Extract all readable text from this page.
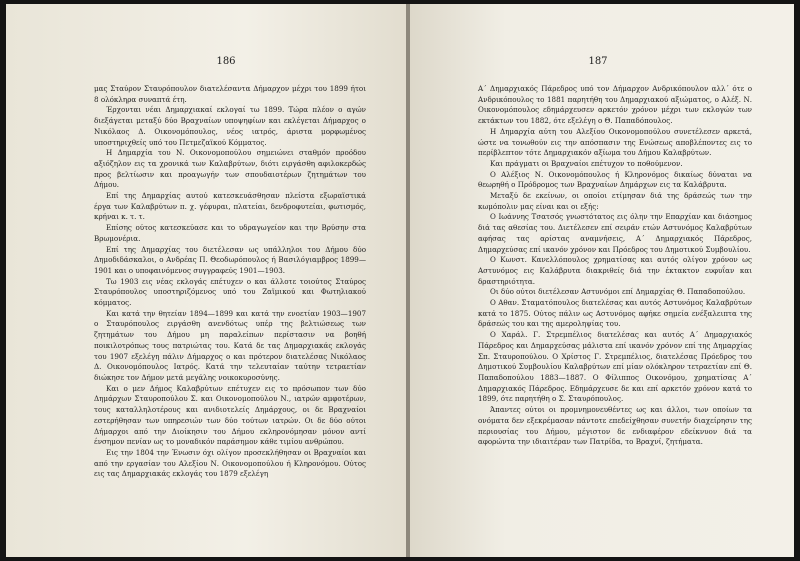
186

μας Σταύρον Σταυρόπουλον διατελέσαντα Δήμαρχον μέχρι του 1899 ήτοι 8 ολόκληρα συναπτά έτη.

Έρχονται νέαι Δημαρχιακαί εκλογαί τω 1899. Τώρα πλέον ο αγών διεξάγεται μεταξύ δύο Βραχναίων υποψηφίων και εκλέγεται Δήμαρχος ο Νικόλαος Δ. Οικονομόπουλος, νέος ιατρός, άριστα μορφωμένος υποστηριχθείς υπό του Πετμεζαϊκού Κόμματος.

Η Δημαρχία του Ν. Οικονομοπούλου σημειώνει σταθμόν προόδου αξιόζηλον εις τα χρονικά των Καλαβρύτων, διότι ειργάσθη αφιλοκερδώς προς βελτίωσιν και προαγωγήν των σπουδαιοτέρων ζητημάτων του Δήμου.

Επί της Δημαρχίας αυτού κατεσκευάσθησαν πλείστα εξωραϊστικά έργα των Καλαβρύτων π. χ. γέφυραι, πλατείαι, δενδροφυτείαι, φωτισμός, κρήναι κ. τ. τ.

Επίσης ούτος κατεσκεύασε και το υδραγωγείον και την Βρύσην στα Βρωμονέρια.

Επί της Δημαρχίας του διετέλεσαν ως υπάλληλοι του Δήμου δύο Δημοδιδάσκαλοι, ο Ανδρέας Π. Θεοδωρόπουλος ή Βασιλόγιαμβρος 1899—1901 και ο υποφαινόμενος συγγραφεύς 1901—1903.

Τω 1903 εις νέας εκλογάς επέτυχεν ο και άλλοτε τοιούτος Σταύρος Σταυρόπουλος υποστηριζόμενος υπό του Ζαϊμικού και Φωτηλιακού κόμματος.

Και κατά την θητείαν 1894—1899 και κατά την ενοετίαν 1903—1907 ο Σταυρόπουλος ειργάσθη ανενδότως υπέρ της βελτιώσεως των ζητημάτων του Δήμου μη παραλείπων περίστασιν να βοηθή ποικιλοτρόπως τους πατριώτας του. Κατά δε τας Δημαρχιακάς εκλογάς του 1907 εξελέγη πάλιν Δήμαρχος ο και πρότερον διατελέσας Νικόλαος Δ. Οικονομόπουλος Ιατρός. Κατά την τελευταίαν ταύτην τετραετίαν διώκησε τον Δήμον μετά μεγάλης νοικοκυροσύνης.

Και ο μεν Δήμος Καλαβρύτων επέτυχεν εις το πρόσωπον των δύο Δημάρχων Σταυροπούλου Σ. και Οικονομοπούλου Ν., ιατρών αμφοτέρων, τους καταλληλοτέρους και ανιδιοτελείς Δημάρχους, οι δε Βραχναίοι εστερήθησαν των υπηρεσιών των δύο τούτων ιατρών. Οι δε δύο ούτοι Δήμαρχοι από την Διοίκησιν του Δήμου εκληρονόμησαν μόνον αντί ένσημον πενίαν ως το μοναδικόν παράσημον κάθε τιμίου ανθρώπου.

Εις την 1804 την Ένωσιν όχι ολίγον προσεκλήθησαν οι Βραχναίοι και από την εργασίαν του Αλεξίου Ν. Οικονομοπούλου ή Κληρονόμου. Ούτος εις τας Δημαρχιακάς εκλογάς του 1879 εξελέγη

187

Α΄ Δημαρχιακός Πάρεδρος υπό τον Δήμαρχον Ανδρικόπουλον αλλ΄ ότε ο Ανδρικόπουλος το 1881 παρητήθη του Δημαρχιακού αξιώματος, ο Αλέξ. Ν. Οικονομόπουλος εδημάρχευσεν αρκετόν χρόνον μέχρι των εκλογών των εκτάκτων του 1882, ότε εξελέγη ο Θ. Παπαδόπουλος.

Η Δημαρχία αύτη του Αλεξίου Οικονομοπούλου συνετέλεσεν αρκετά, ώστε να τονωθούν εις την απόσπασιν της Ενώσεως αποβλέποντες εις το περίβλεπτον τότε Δημαρχιακόν αξίωμα του Δήμου Καλαβρύτων.

Και πράγματι οι Βραχναίοι επέτυχον το ποθούμενον.

Ο Αλέξιος Ν. Οικονομόπουλος ή Κληρονόμος δικαίως δύναται να θεωρηθή ο Πρόδρομος των Βραχναίων Δημάρχων εις τα Καλάβρυτα.

Μεταξύ δε εκείνων, οι οποίοι ετίμησαν διά της δράσεώς των την κωμόπολιν μας είναι και οι εξής:

Ο Ιωάννης Τσατσός γνωστότατος εις όλην την Επαρχίαν και διάσημος διά τας αθεσίας του. Διετέλεσεν επί σειράν ετών Αστυνόμος Καλαβρύτων αφήσας τας αρίστας αναμνήσεις, Α΄ Δημαρχιακός Πάρεδρος, Δημαρχεύσας επί ικανόν χρόνον και Πρόεδρος του Δημοτικού Συμβουλίου.

Ο Κωνστ. Κανελλόπουλος χρηματίσας και αυτός ολίγον χρόνον ως Αστυνόμος εις Καλάβρυτα διακριθείς διά την έκτακτον ευφυΐαν και δραστηριότητα.

Οι δύο ούτοι διετέλεσαν Αστυνόμοι επί Δημαρχίας Θ. Παπαδοπούλου.

Ο Αθαν. Σταματόπουλος διατελέσας και αυτός Αστυνόμος Καλαβρύτων κατά το 1875. Ούτος πάλιν ως Αστυνόμος αφήκε σημεία ενέξαλειπτα της δράσεώς του και της αμεροληψίας του.

Ο Χαράλ. Γ. Στρεμπέλιος διατελέσας και αυτός Α΄ Δημαρχιακός Πάρεδρος και Δημαρχεύσας μάλιστα επί ικανόν χρόνον επί της Δημαρχίας Σπ. Σταυροπούλου. Ο Χρίστος Γ. Στρεμπέλιος, διατελέσας Πρόεδρος του Δημοτικού Συμβουλίου Καλαβρύτων επί μίαν ολόκληρον τετραετίαν επί Θ. Παπαδοπούλου 1883—1887. Ο Φίλιππος Οικονόμου, χρηματίσας Α΄ Δημαρχιακός Πάρεδρος. Εδημάρχευσε δε και επί αρκετόν χρόνον κατά το 1899, ότε παρητήθη ο Σ. Σταυρόπουλος.

Άπαντες ούτοι οι προμνημονευθέντες ως και άλλοι, των οποίων τα ονόματα δεν εξεκρέμασαν πάντοτε επεδείχθησαν συνετήν διαχείρησιν της περιουσίας του Δήμου, μέγιστον δε ενδιαφέρον εδείκνυον διά τα αφορώντα την ιδιαιτέραν των Πατρίδα, το Βραχνί, ζητήματα.
